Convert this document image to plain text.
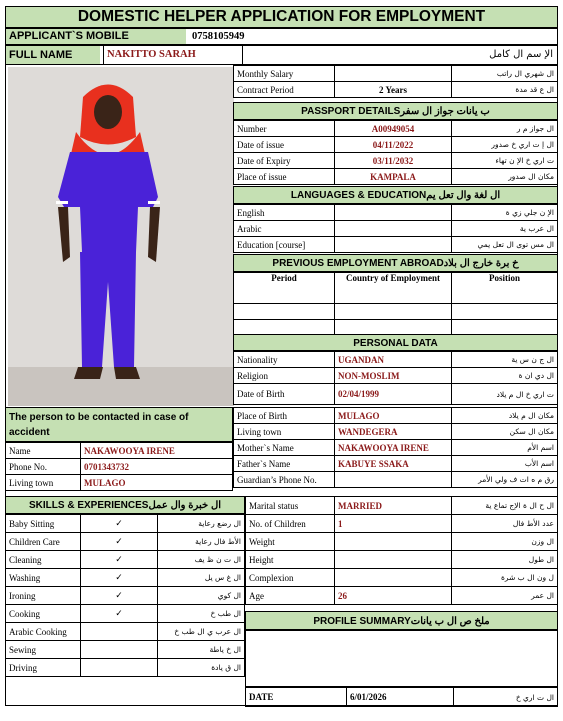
DOMESTIC HELPER APPLICATION FOR EMPLOYMENT
APPLICANT`S MOBILE	0758105949
FULL NAME	NAKITTO SARAH	الإ سم ال كامل
Monthly Salary		ال شهري ال راتب
Contract Period	2 Years	ال ع قد مدة
PASSPORT DETAILSب يانات جواز ال سفر
Number	A00949054	ال جواز م ر
Date of issue	04/11/2022	ال إ ت اري خ صدور
Date of Expiry	03/11/2032	ت اري خ الإ ن تهاء
Place of issue	KAMPALA	مكان ال صدور
LANGUAGES & EDUCATIONال لغة وال تعل يم
English		الإ ن جلي زي ة
Arabic		ال عرب ية
Education [course]		ال مس توى ال تعل يمي
PREVIOUS EMPLOYMENT ABROADخ برة خارج ال بلاد
Period	Country of Employment	Position

PERSONAL DATA
Nationality	UGANDAN	ال ج ن س ية
Religion	NON-MOSLIM	ال دي ان ة
Date of Birth	02/04/1999	ت اري خ ال م يلاد
The person to be contacted in case of accident
Place of Birth	MULAGO	مكان ال م يلاد
Living town	WANDEGERA	مكان ال سكن
Mother`s Name	NAKAWOOYA IRENE	اسم الأم
Father`s Name	KABUYE SSAKA	اسم الأب
Guardian’s Phone No.		رق م ه ات ف ولي الأمر
Name	NAKAWOOYA IRENE
Phone No.	0701343732
Living town	MULAGO
SKILLS & EXPERIENCESال خبرة وال عمل
Baby Sitting	✓	ال رضع رعاية
Children Care	✓	الأط فال رعاية
Cleaning	✓	ال ت ن ظ يف
Washing	✓	ال غ س يل
Ironing	✓	ال كوي
Cooking	✓	ال طب خ
Arabic Cooking		ال عرب ي ال طب خ
Sewing		ال خ ياطة
Driving		ال ق يادة
Marital status	MARRIED	ال ح ال ة الإج تماع ية
No. of Children	1	عدد الأط فال
Weight		ال وزن
Height		ال طول
Complexion		ل ون ال ب شرة
Age	26	ال عمر
PROFILE SUMMARYملخ ص ال ب يانات
DATE	6/01/2026	ال ت اري خ
